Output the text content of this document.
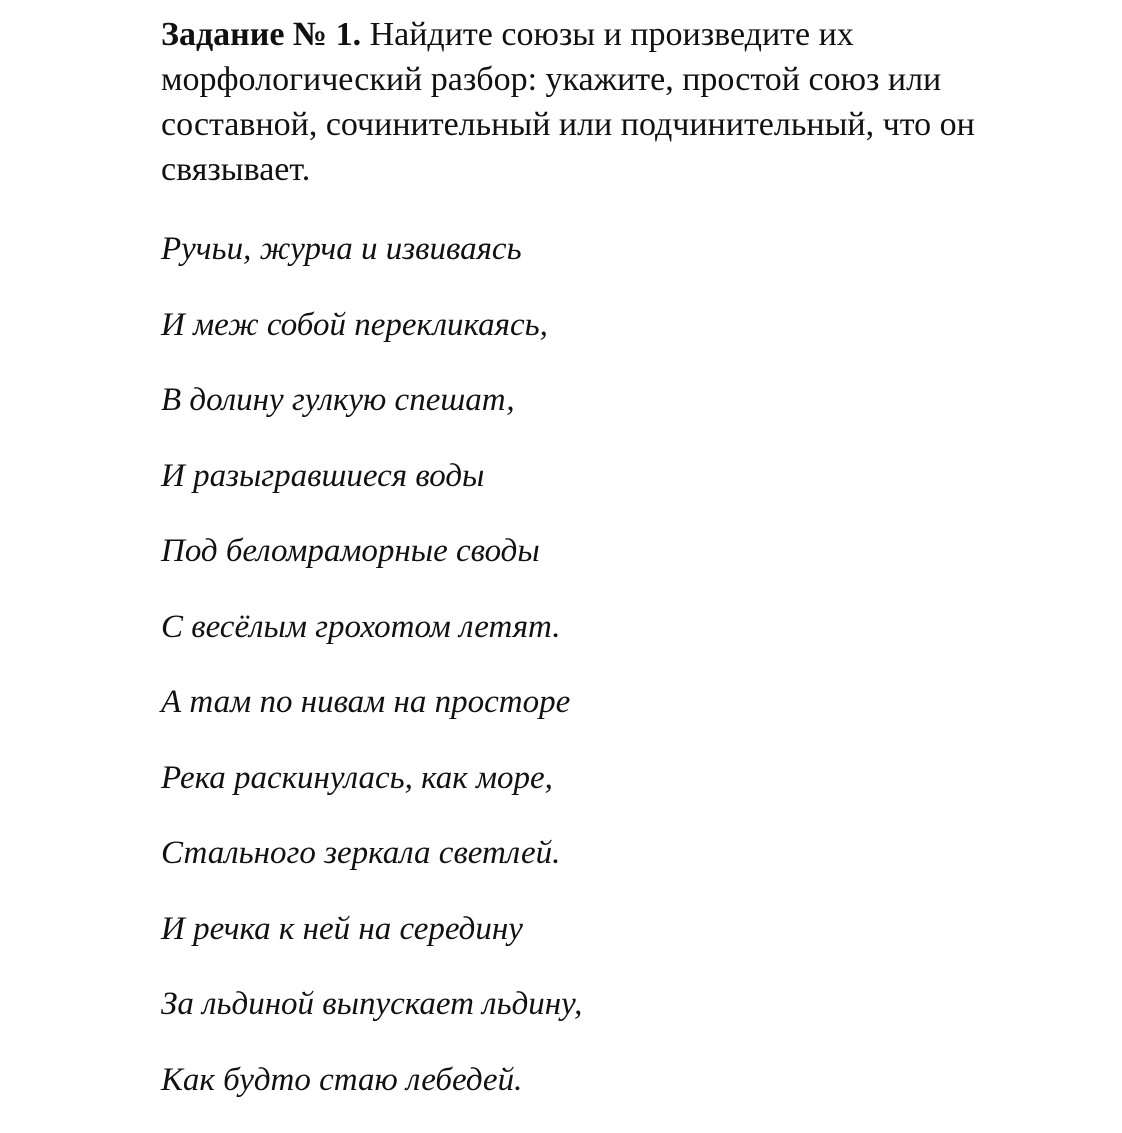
Задание № 1. Найдите союзы и произведите их морфологический разбор: укажите, простой союз или составной, сочинительный или подчинительный, что он связывает.
Ручьи, журча и извиваясь
И меж собой перекликаясь,
В долину гулкую спешат,
И разыгравшиеся воды
Под беломраморные своды
С весёлым грохотом летят.
А там по нивам на просторе
Река раскинулась, как море,
Стального зеркала светлей.
И речка к ней на середину
За льдиной выпускает льдину,
Как будто стаю лебедей.
